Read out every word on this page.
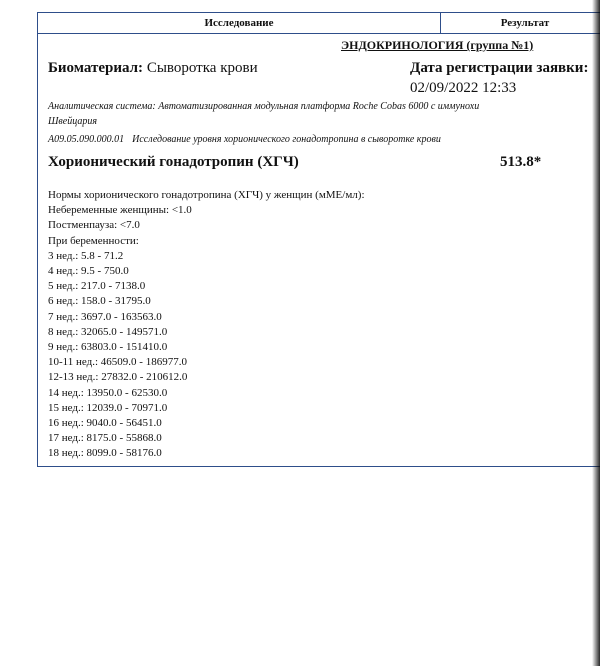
Исследование	Результат
ЭНДОКРИНОЛОГИЯ (группа №1)
Биоматериал: Сыворотка крови	Дата регистрации заявки:
02/09/2022 12:33
Аналитическая система: Автоматизированная модульная платформа Roche Cobas 6000 с иммунохи
Швейцария
A09.05.090.000.01 Исследование уровня хорионического гонадотропина в сыворотке крови
Хорионический гонадотропин (ХГЧ)	513.8*
Нормы хорионического гонадотропина (ХГЧ) у женщин (мМЕ/мл):
Небеременные женщины: <1.0
Постменпауза: <7.0
При беременности:
3 нед.: 5.8 - 71.2
4 нед.: 9.5 - 750.0
5 нед.: 217.0 - 7138.0
6 нед.: 158.0 - 31795.0
7 нед.: 3697.0 - 163563.0
8 нед.: 32065.0 - 149571.0
9 нед.: 63803.0 - 151410.0
10-11 нед.: 46509.0 - 186977.0
12-13 нед.: 27832.0 - 210612.0
14 нед.: 13950.0 - 62530.0
15 нед.: 12039.0 - 70971.0
16 нед.: 9040.0 - 56451.0
17 нед.: 8175.0 - 55868.0
18 нед.: 8099.0 - 58176.0
